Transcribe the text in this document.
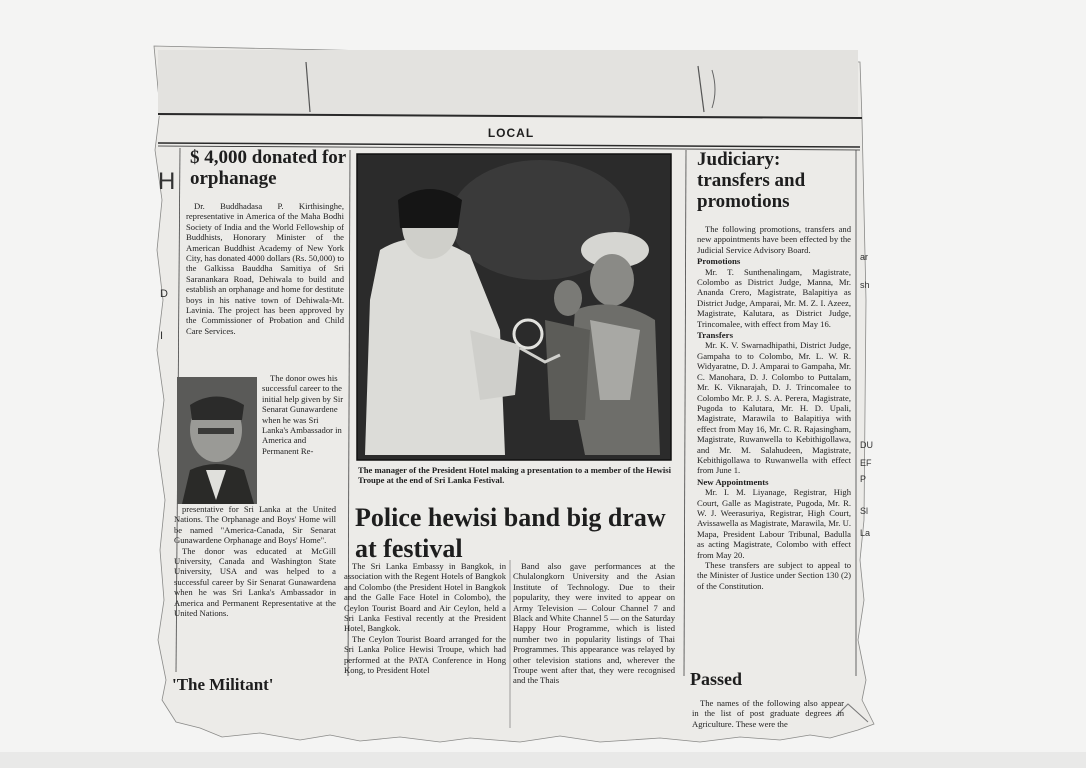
LOCAL
$ 4,000 donated for orphanage

Dr. Buddhadasa P. Kirthisinghe, representative in America of the Maha Bodhi Society of India and the World Fellowship of Buddhists, Honorary Minister of the American Buddhist Academy of New York City, has donated 4000 dollars (Rs. 50,000) to the Galkissa Bauddha Samitiya of Sri Saranankara Road, Dehiwala to build and establish an orphanage and home for destitute boys in his native town of Dehiwala-Mt. Lavinia. The project has been approved by the Commissioner of Probation and Child Care Services.

The donor owes his successful career to the initial help given by Sir Senarat Gunawardene when he was Sri Lanka's Ambassador in America and Permanent Re-

presentative for Sri Lanka at the United Nations. The Orphanage and Boys' Home will be named "America-Canada, Sir Senarat Gunawardene Orphanage and Boys' Home".

The donor was educated at McGill University, Canada and Washington State University, USA and was helped to a successful career by Sir Senarat Gunawardena when he was Sri Lanka's Ambassador in America and Permanent Representative at the United Nations.

'The Militant'
The manager of the President Hotel making a presentation to a member of the Hewisi Troupe at the end of Sri Lanka Festival.
Police hewisi band big draw at festival

The Sri Lanka Embassy in Bangkok, in association with the Regent Hotels of Bangkok and Colombo (the President Hotel in Bangkok and the Galle Face Hotel in Colombo), the Ceylon Tourist Board and Air Ceylon, held a Sri Lanka Festival recently at the President Hotel, Bangkok.

The Ceylon Tourist Board arranged for the Sri Lanka Police Hewisi Troupe, which had performed at the PATA Conference in Hong Kong, to President Hotel

Band also gave performances at the Chulalongkorn University and the Asian Institute of Technology. Due to their popularity, they were invited to appear on Army Television — Colour Channel 7 and Black and White Channel 5 — on the Saturday Happy Hour Programme, which is listed number two in popularity listings of Thai Programmes. This appearance was relayed by other television stations and, wherever the Troupe went after that, they were recognised and the Thais

Judiciary: transfers and promotions

The following promotions, transfers and new appointments have been effected by the Judicial Service Advisory Board.

Promotions

Mr. T. Sunthenalingam, Magistrate, Colombo as District Judge, Manna, Mr. Ananda Crero, Magistrate, Balapitiya as District Judge, Amparai, Mr. M. Z. I. Azeez, Magistrate, Kalutara, as District Judge, Trincomalee, with effect from May 16.

Transfers

Mr. K. V. Swarnadhipathi, District Judge, Gampaha to to Colombo, Mr. L. W. R. Widyaratne, D. J. Amparai to Gampaha, Mr. C. Manohara, D. J. Colombo to Puttalam, Mr. K. Viknarajah, D. J. Trincomalee to Colombo Mr. P. J. S. A. Perera, Magistrate, Pugoda to Kalutara, Mr. H. D. Upali, Magistrate, Marawila to Balapitiya with effect from May 16, Mr. C. R. Rajasingham, Magistrate, Ruwanwella to Kebithigollawa, and Mr. M. Salahudeen, Magistrate, Kebithigollawa to Ruwanwella with effect from June 1.

New Appointments

Mr. I. M. Liyanage, Registrar, High Court, Galle as Magistrate, Pugoda, Mr. R. W. J. Weerasuriya, Registrar, High Court, Avissawella as Magistrate, Marawila, Mr. U. Mapa, President Labour Tribunal, Badulla as acting Magistrate, Colombo with effect from May 20.

These transfers are subject to appeal to the Minister of Justice under Section 130 (2) of the Constitution.

Passed

The names of the following also appear in the list of post graduate degrees in Agriculture. These were the

H
D
I
ar
sh
DU
EF
P
Sl
La
